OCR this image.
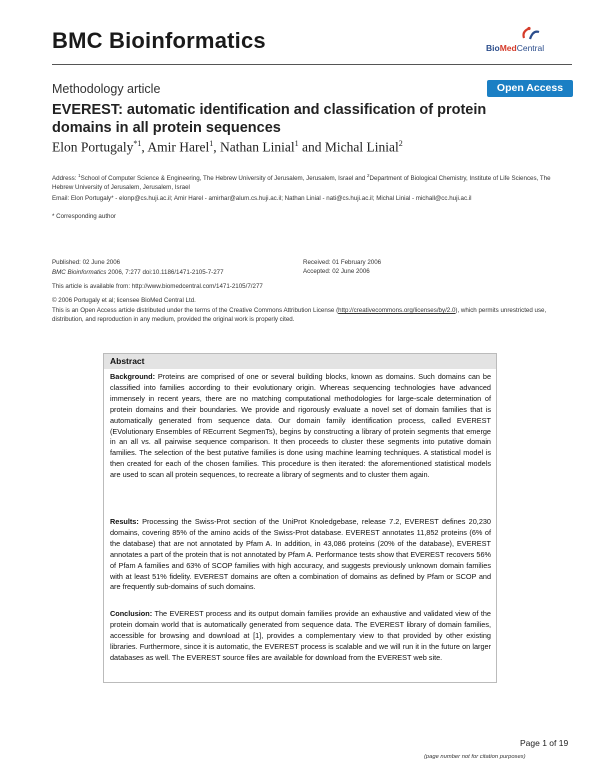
BMC Bioinformatics	BioMedCentral
Methodology article	Open Access
EVEREST: automatic identification and classification of protein domains in all protein sequences
Elon Portugaly$^{*1}$, Amir Harel$^1$, Nathan Linial$^1$ and Michal Linial$^2$
Address: $^1$School of Computer Science & Engineering, The Hebrew University of Jerusalem, Jerusalem, Israel and $^2$Department of Biological Chemistry, Institute of Life Sciences, The Hebrew University of Jerusalem, Jerusalem, Israel
Email: Elon Portugaly* - elonp@cs.huji.ac.il; Amir Harel - amirhar@alum.cs.huji.ac.il; Nathan Linial - nati@cs.huji.ac.il; Michal Linial - michall@cc.huji.ac.il
* Corresponding author
Published: 02 June 2006	Received: 01 February 2006
Accepted: 02 June 2006
BMC Bioinformatics 2006, 7:277 doi:10.1186/1471-2105-7-277
This article is available from: http://www.biomedcentral.com/1471-2105/7/277
© 2006 Portugaly et al; licensee BioMed Central Ltd.
This is an Open Access article distributed under the terms of the Creative Commons Attribution License (http://creativecommons.org/licenses/by/2.0), which permits unrestricted use, distribution, and reproduction in any medium, provided the original work is properly cited.
Abstract
Background: Proteins are comprised of one or several building blocks, known as domains. Such domains can be classified into families according to their evolutionary origin. Whereas sequencing technologies have advanced immensely in recent years, there are no matching computational methodologies for large-scale determination of protein domains and their boundaries. We provide and rigorously evaluate a novel set of domain families that is automatically generated from sequence data. Our domain family identification process, called EVEREST (EVolutionary Ensembles of REcurrent SegmenTs), begins by constructing a library of protein segments that emerge in an all vs. all pairwise sequence comparison. It then proceeds to cluster these segments into putative domain families. The selection of the best putative families is done using machine learning techniques. A statistical model is then created for each of the chosen families. This procedure is then iterated: the aforementioned statistical models are used to scan all protein sequences, to recreate a library of segments and to cluster them again.
Results: Processing the Swiss-Prot section of the UniProt Knoledgebase, release 7.2, EVEREST defines 20,230 domains, covering 85% of the amino acids of the Swiss-Prot database. EVEREST annotates 11,852 proteins (6% of the database) that are not annotated by Pfam A. In addition, in 43,086 proteins (20% of the database), EVEREST annotates a part of the protein that is not annotated by Pfam A. Performance tests show that EVEREST recovers 56% of Pfam A families and 63% of SCOP families with high accuracy, and suggests previously unknown domain families with at least 51% fidelity. EVEREST domains are often a combination of domains as defined by Pfam or SCOP and are frequently sub-domains of such domains.
Conclusion: The EVEREST process and its output domain families provide an exhaustive and validated view of the protein domain world that is automatically generated from sequence data. The EVEREST library of domain families, accessible for browsing and download at [1], provides a complementary view to that provided by other existing libraries. Furthermore, since it is automatic, the EVEREST process is scalable and we will run it in the future on larger databases as well. The EVEREST source files are available for download from the EVEREST web site.
Page 1 of 19
(page number not for citation purposes)
